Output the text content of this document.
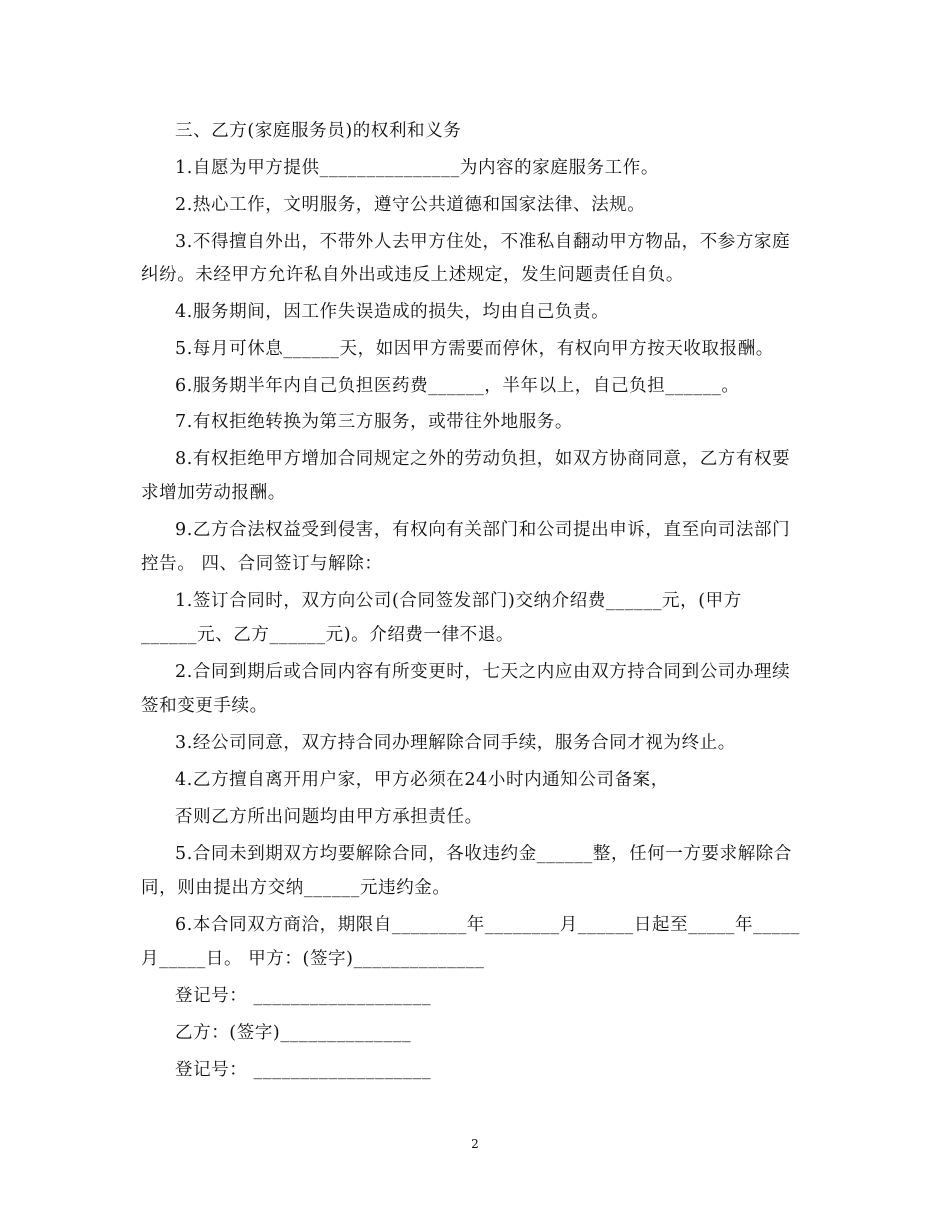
三、乙方(家庭服务员)的权利和义务

1.自愿为甲方提供_______________为内容的家庭服务工作。

2.热心工作，文明服务，遵守公共道德和国家法律、法规。

3.不得擅自外出，不带外人去甲方住处，不准私自翻动甲方物品，不参方家庭

纠纷。未经甲方允许私自外出或违反上述规定，发生问题责任自负。

4.服务期间，因工作失误造成的损失，均由自己负责。

5.每月可休息______天，如因甲方需要而停休，有权向甲方按天收取报酬。

6.服务期半年内自己负担医药费______，半年以上，自己负担______。

7.有权拒绝转换为第三方服务，或带往外地服务。

8.有权拒绝甲方增加合同规定之外的劳动负担，如双方协商同意，乙方有权要

求增加劳动报酬。

9.乙方合法权益受到侵害，有权向有关部门和公司提出申诉，直至向司法部门

控告。 四、合同签订与解除：

1.签订合同时，双方向公司(合同签发部门)交纳介绍费______元，(甲方

______元、乙方______元)。介绍费一律不退。

2.合同到期后或合同内容有所变更时，七天之内应由双方持合同到公司办理续

签和变更手续。

3.经公司同意，双方持合同办理解除合同手续，服务合同才视为终止。

4.乙方擅自离开用户家，甲方必须在24小时内通知公司备案，

否则乙方所出问题均由甲方承担责任。

5.合同未到期双方均要解除合同，各收违约金______整，任何一方要求解除合

同，则由提出方交纳______元违约金。

6.本合同双方商洽，期限自________年________月______日起至_____年_____

月_____日。 甲方：(签字)______________

登记号： ___________________

乙方：(签字)______________

登记号： ___________________

2
